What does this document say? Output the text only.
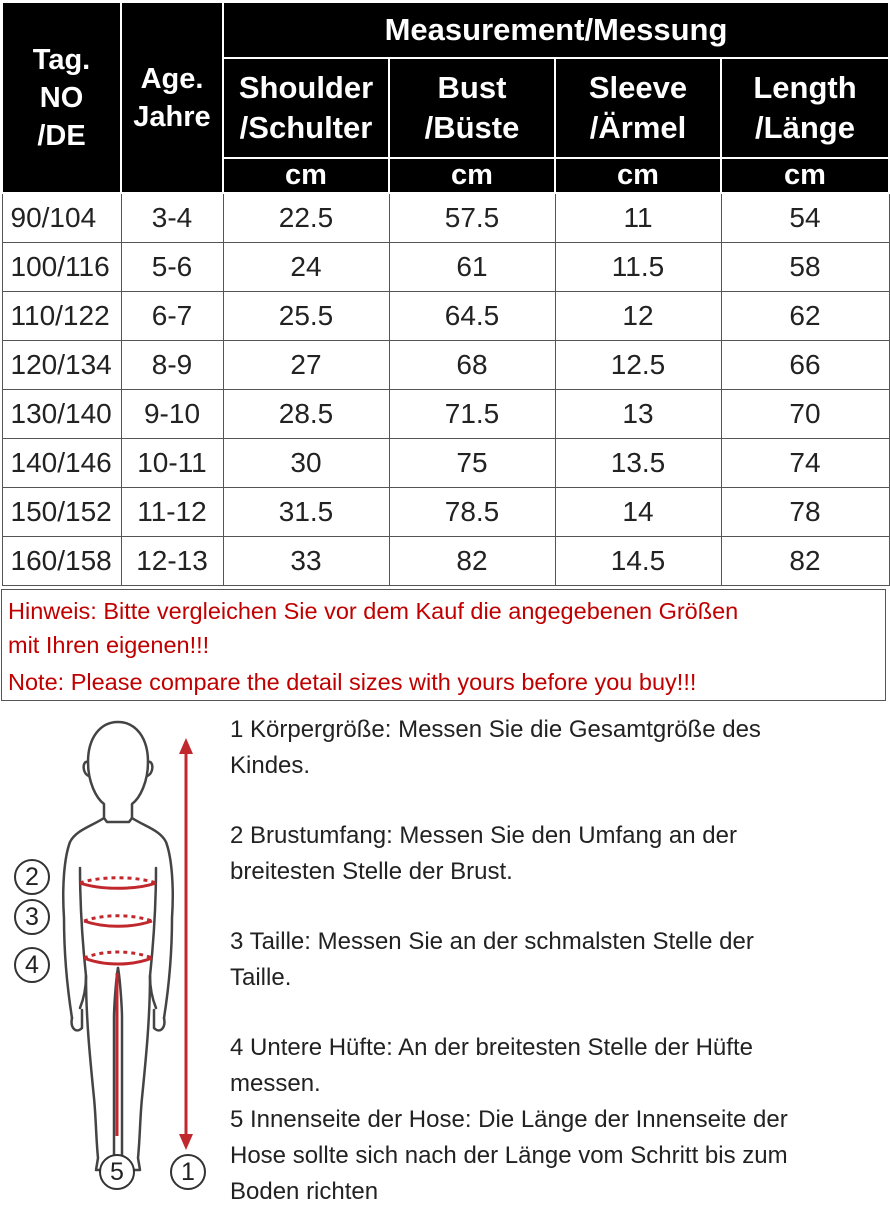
Tag.
NO
/DE	Age.
Jahre	Measurement/Messung			

		Shoulder
/Schulter	Bust
/Büste	Sleeve
/Ärmel	Length
/Länge

		cm	cm	cm	cm
90/104	3-4	22.5	57.5	11	54
100/116	5-6	24	61	11.5	58
110/122	6-7	25.5	64.5	12	62
120/134	8-9	27	68	12.5	66
130/140	9-10	28.5	71.5	13	70
140/146	10-11	30	75	13.5	74
150/152	11-12	31.5	78.5	14	78
160/158	12-13	33	82	14.5	82
Hinweis: Bitte vergleichen Sie vor dem Kauf die angegebenen Größen
mit Ihren eigenen!!!
Note: Please compare the detail sizes with yours before you buy!!!
2
3
4
5	1

1 Körpergröße: Messen Sie die Gesamtgröße des
Kindes.

2 Brustumfang: Messen Sie den Umfang an der
breitesten Stelle der Brust.

3 Taille: Messen Sie an der schmalsten Stelle der
Taille.

4 Untere Hüfte: An der breitesten Stelle der Hüfte
messen.

5 Innenseite der Hose: Die Länge der Innenseite der
Hose sollte sich nach der Länge vom Schritt bis zum
Boden richten
